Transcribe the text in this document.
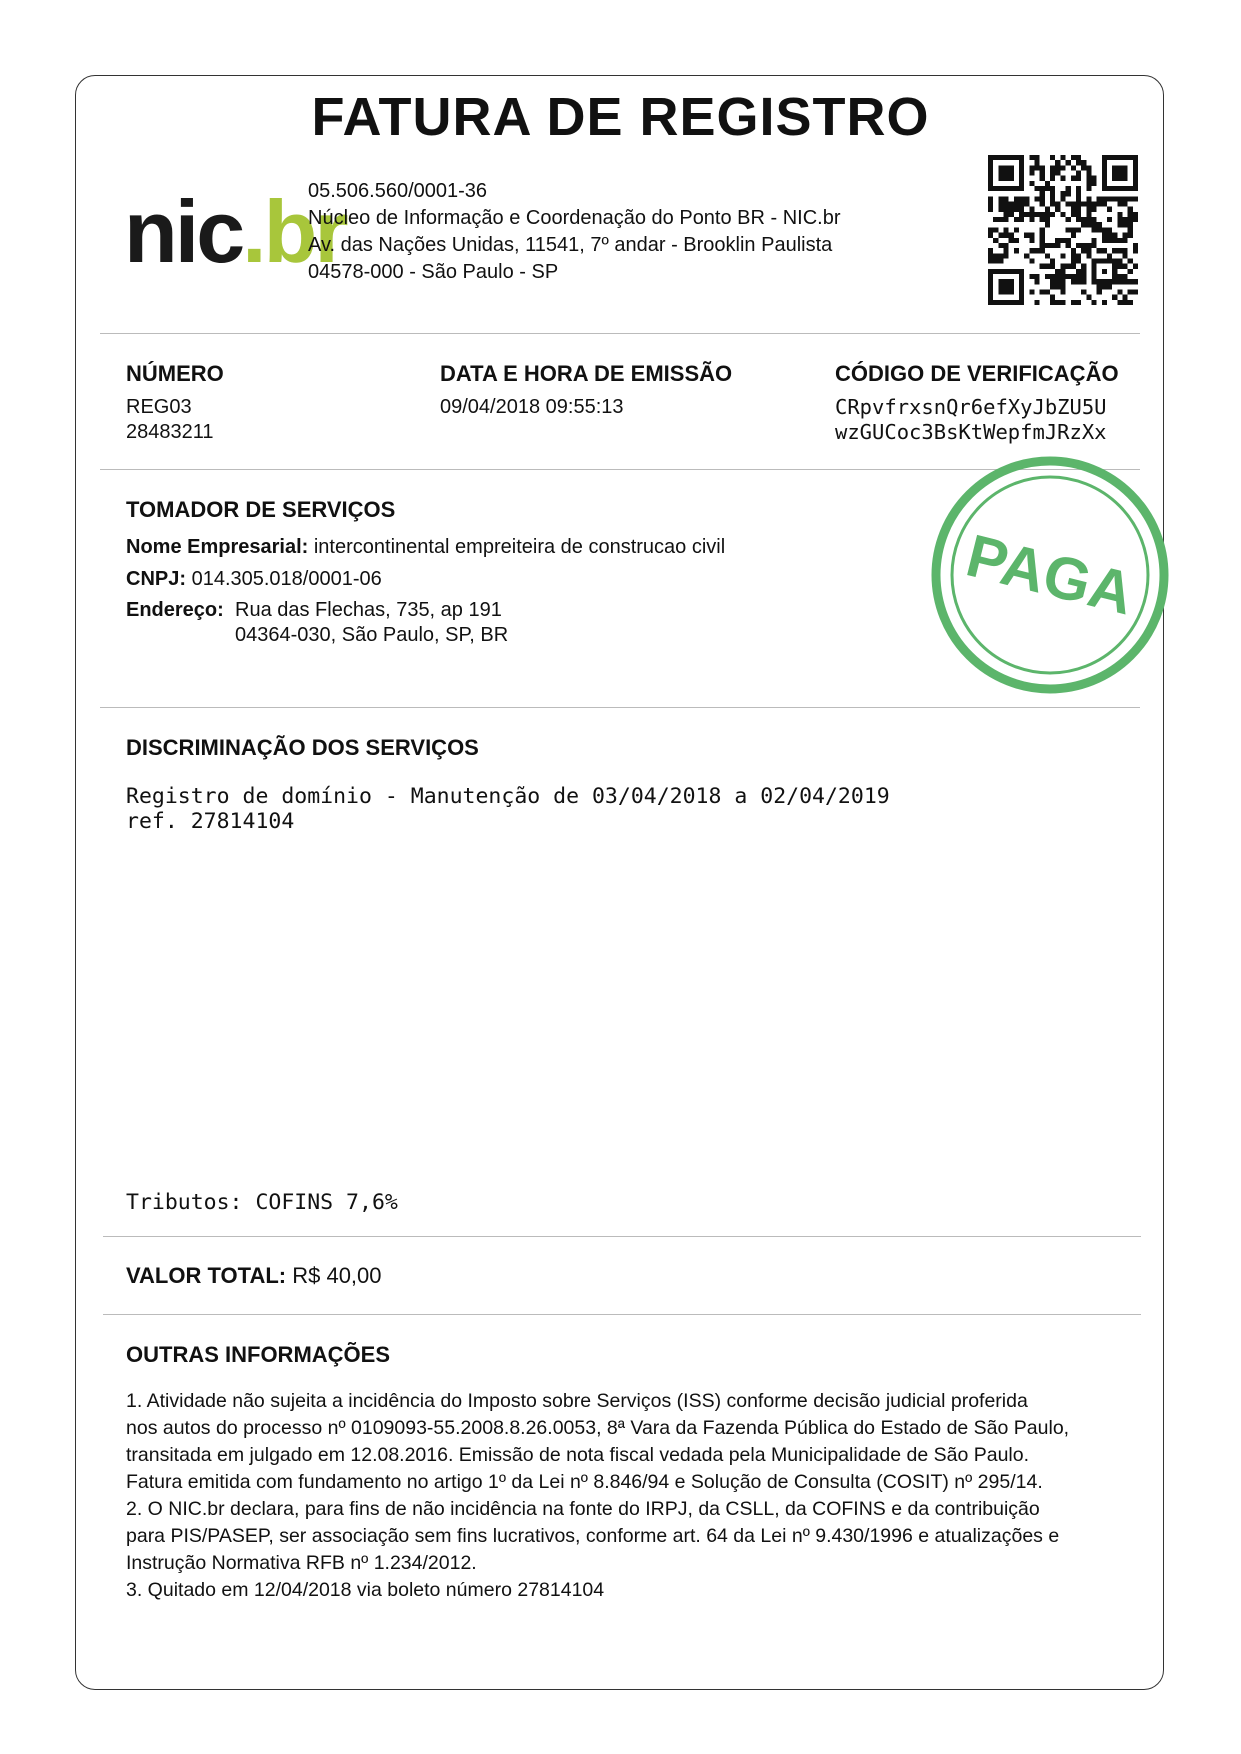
FATURA DE REGISTRO
nic.br
05.506.560/0001-36
Núcleo de Informação e Coordenação do Ponto BR - NIC.br
Av. das Nações Unidas, 11541, 7º andar - Brooklin Paulista
04578-000 - São Paulo - SP
NÚMERO
REG03
28483211
DATA E HORA DE EMISSÃO
09/04/2018 09:55:13
CÓDIGO DE VERIFICAÇÃO
CRpvfrxsnQr6efXyJbZU5U
wzGUCoc3BsKtWepfmJRzXx
TOMADOR DE SERVIÇOS
Nome Empresarial: intercontinental empreiteira de construcao civil
CNPJ: 014.305.018/0001-06
Endereço: Rua das Flechas, 735, ap 191
04364-030, São Paulo, SP, BR
PAGA
DISCRIMINAÇÃO DOS SERVIÇOS
Registro de domínio - Manutenção de 03/04/2018 a 02/04/2019
ref. 27814104
Tributos: COFINS 7,6%
VALOR TOTAL: R$ 40,00
OUTRAS INFORMAÇÕES
1. Atividade não sujeita a incidência do Imposto sobre Serviços (ISS) conforme decisão judicial proferida
nos autos do processo nº 0109093-55.2008.8.26.0053, 8ª Vara da Fazenda Pública do Estado de São Paulo,
transitada em julgado em 12.08.2016. Emissão de nota fiscal vedada pela Municipalidade de São Paulo.
Fatura emitida com fundamento no artigo 1º da Lei nº 8.846/94 e Solução de Consulta (COSIT) nº 295/14.
2. O NIC.br declara, para fins de não incidência na fonte do IRPJ, da CSLL, da COFINS e da contribuição
para PIS/PASEP, ser associação sem fins lucrativos, conforme art. 64 da Lei nº 9.430/1996 e atualizações e
Instrução Normativa RFB nº 1.234/2012.
3. Quitado em 12/04/2018 via boleto número 27814104
